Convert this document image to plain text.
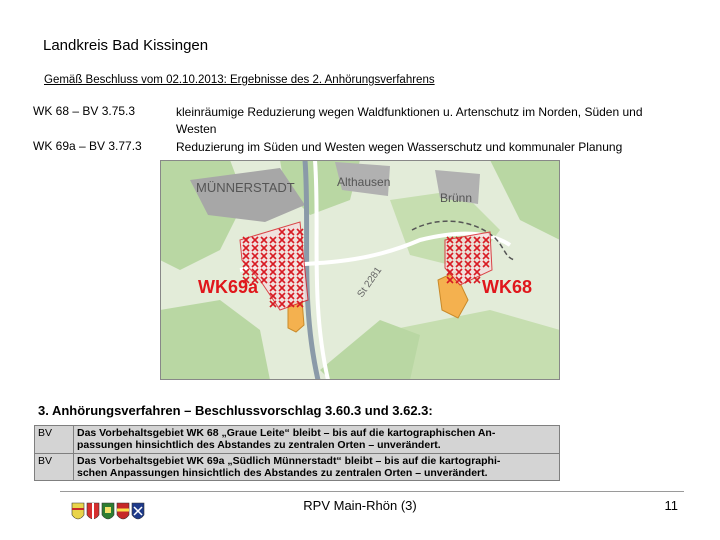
Landkreis Bad Kissingen
Gemäß Beschluss vom 02.10.2013: Ergebnisse des 2. Anhörungsverfahrens
WK 68 – BV 3.75.3	kleinräumige Reduzierung wegen Waldfunktionen u. Artenschutz im Norden, Süden und
Westen
WK 69a – BV 3.77.3	Reduzierung im Süden und Westen wegen Wasserschutz und kommunaler Planung
MÜNNERSTADT	Althausen
Brünn
St 2281
WK69a	WK68
3. Anhörungsverfahren – Beschlussvorschlag 3.60.3 und 3.62.3:
BV	Das Vorbehaltsgebiet WK 68 „Graue Leite“ bleibt – bis auf die kartographischen An-
passungen hinsichtlich des Abstandes zu zentralen Orten – unverändert.

BV	Das Vorbehaltsgebiet WK 69a „Südlich Münnerstadt“ bleibt – bis auf die kartographi-
schen Anpassungen hinsichtlich des Abstandes zu zentralen Orten – unverändert.
RPV Main-Rhön (3)	11
